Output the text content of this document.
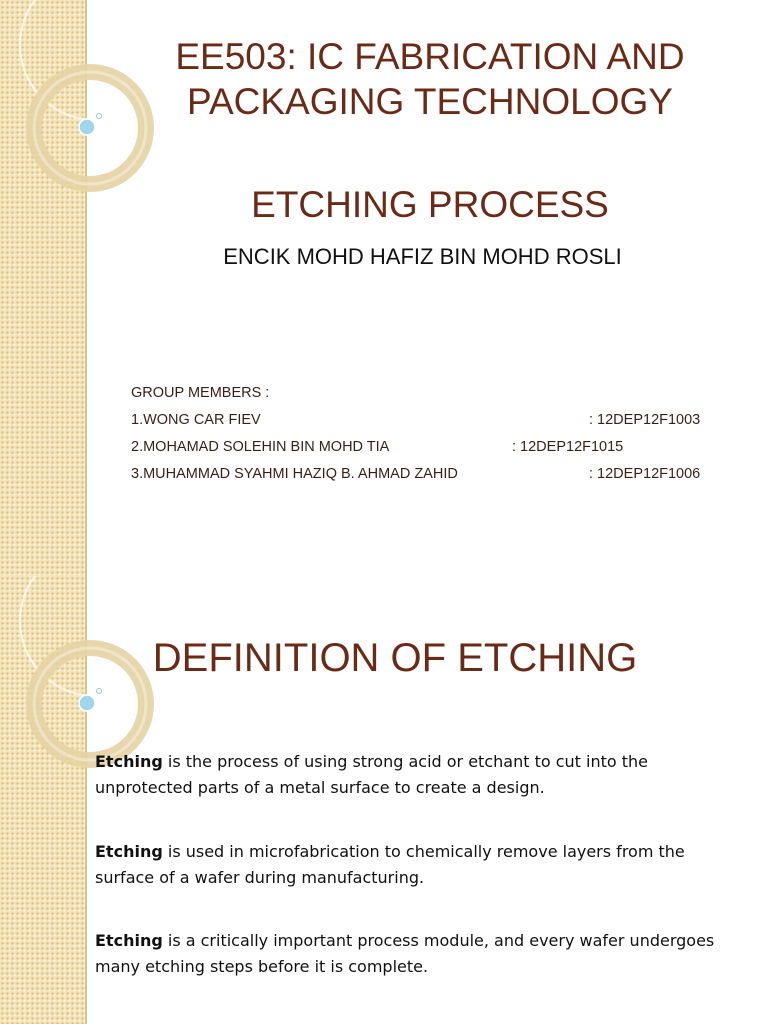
EE503: IC FABRICATION AND PACKAGING TECHNOLOGY
ETCHING PROCESS
ENCIK MOHD HAFIZ BIN MOHD ROSLI
GROUP MEMBERS :
1.WONG CAR FIEV	: 12DEP12F1003
2.MOHAMAD SOLEHIN BIN MOHD TIA	: 12DEP12F1015
3.MUHAMMAD SYAHMI HAZIQ B. AHMAD ZAHID	: 12DEP12F1006
DEFINITION OF ETCHING
Etching is the process of using strong acid or etchant to cut into the unprotected parts of a metal surface to create a design.
Etching is used in microfabrication to chemically remove layers from the surface of a wafer during manufacturing.
Etching is a critically important process module, and every wafer undergoes many etching steps before it is complete.
